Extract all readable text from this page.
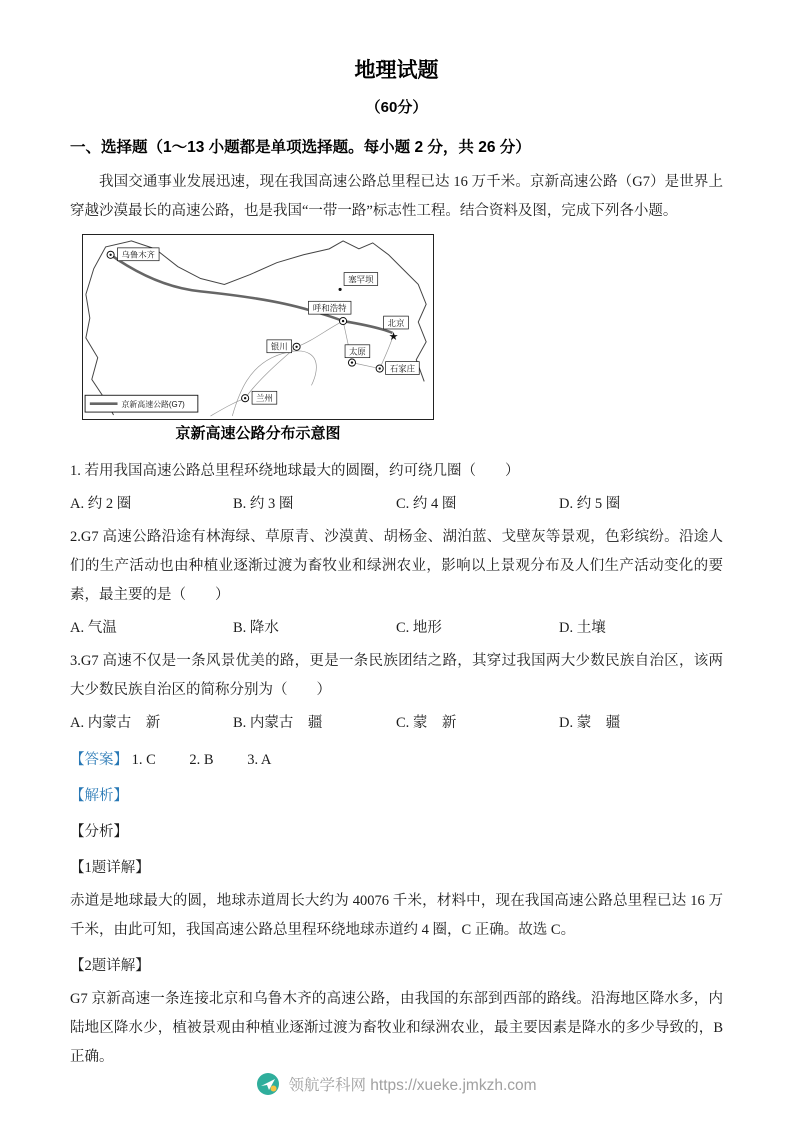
地理试题
（60分）
一、选择题（1～13 小题都是单项选择题。每小题 2 分，共 26 分）

我国交通事业发展迅速，现在我国高速公路总里程已达 16 万千米。京新高速公路（G7）是世界上穿越沙漠最长的高速公路，也是我国“一带一路”标志性工程。结合资料及图，完成下列各小题。

乌鲁木齐
塞罕坝
呼和浩特
北京
★
银川	太原
石家庄
兰州
京新高速公路(G7)
京新高速公路分布示意图

1. 若用我国高速公路总里程环绕地球最大的圆圈，约可绕几圈（　　）

A. 约 2 圈	B. 约 3 圈	C. 约 4 圈	D. 约 5 圈

2.G7 高速公路沿途有林海绿、草原青、沙漠黄、胡杨金、湖泊蓝、戈壁灰等景观，色彩缤纷。沿途人们的生产活动也由种植业逐渐过渡为畜牧业和绿洲农业，影响以上景观分布及人们生产活动变化的要素，最主要的是（　　）

A. 气温	B. 降水	C. 地形	D. 土壤

3.G7 高速不仅是一条风景优美的路，更是一条民族团结之路，其穿过我国两大少数民族自治区，该两大少数民族自治区的简称分别为（　　）

A. 内蒙古　新	B. 内蒙古　疆	C. 蒙　新	D. 蒙　疆

【答案】 1. C 2. B 3. A

【解析】

【分析】

【1题详解】

赤道是地球最大的圆，地球赤道周长大约为 40076 千米，材料中，现在我国高速公路总里程已达 16 万千米，由此可知，我国高速公路总里程环绕地球赤道约 4 圈，C 正确。故选 C。

【2题详解】

G7 京新高速一条连接北京和乌鲁木齐的高速公路，由我国的东部到西部的路线。沿海地区降水多，内陆地区降水少，植被景观由种植业逐渐过渡为畜牧业和绿洲农业，最主要因素是降水的多少导致的，B 正确。

领航学科网 https://xueke.jmkzh.com
